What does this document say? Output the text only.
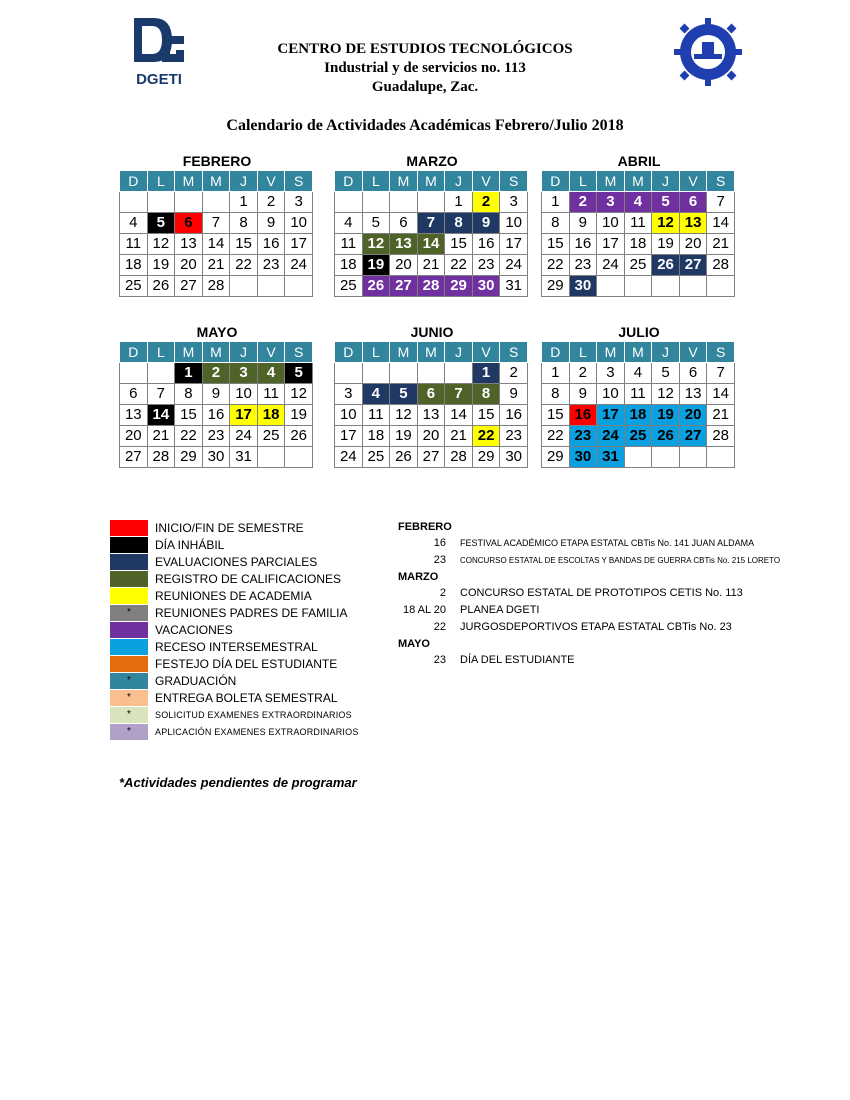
DGETI
CENTRO DE ESTUDIOS TECNOLÓGICOS
Industrial y de servicios no. 113
Guadalupe, Zac.
Calendario de Actividades Académicas Febrero/Julio 2018
FEBRERO
D	L	M	M	J	V	S
				1	2	3
4	5	6	7	8	9	10
11	12	13	14	15	16	17
18	19	20	21	22	23	24
25	26	27	28			
MARZO
D	L	M	M	J	V	S
				1	2	3
4	5	6	7	8	9	10
11	12	13	14	15	16	17
18	19	20	21	22	23	24
25	26	27	28	29	30	31
ABRIL
D	L	M	M	J	V	S
1	2	3	4	5	6	7
8	9	10	11	12	13	14
15	16	17	18	19	20	21
22	23	24	25	26	27	28
29	30					
MAYO
D	L	M	M	J	V	S
		1	2	3	4	5
6	7	8	9	10	11	12
13	14	15	16	17	18	19
20	21	22	23	24	25	26
27	28	29	30	31		
JUNIO
D	L	M	M	J	V	S
					1	2
3	4	5	6	7	8	9
10	11	12	13	14	15	16
17	18	19	20	21	22	23
24	25	26	27	28	29	30
JULIO
D	L	M	M	J	V	S
1	2	3	4	5	6	7
8	9	10	11	12	13	14
15	16	17	18	19	20	21
22	23	24	25	26	27	28
29	30	31				
INICIO/FIN DE SEMESTRE
DÍA INHÁBIL
EVALUACIONES PARCIALES
REGISTRO DE CALIFICACIONES
REUNIONES DE ACADEMIA
*	REUNIONES PADRES DE FAMILIA
VACACIONES
RECESO INTERSEMESTRAL
FESTEJO DÍA DEL ESTUDIANTE
*	GRADUACIÓN
*	ENTREGA BOLETA SEMESTRAL
*	SOLICITUD EXAMENES EXTRAORDINARIOS
*	APLICACIÓN EXAMENES EXTRAORDINARIOS
FEBRERO
16 FESTIVAL ACADÉMICO ETAPA ESTATAL CBTis No. 141 JUAN ALDAMA
23 CONCURSO ESTATAL DE ESCOLTAS Y BANDAS DE GUERRA CBTis No. 215 LORETO
MARZO
2 CONCURSO ESTATAL DE PROTOTIPOS CETIS No. 113
18 AL 20 PLANEA DGETI
22 JURGOSDEPORTIVOS ETAPA ESTATAL CBTis No. 23
MAYO
23 DÍA DEL ESTUDIANTE
*Actividades pendientes de programar
